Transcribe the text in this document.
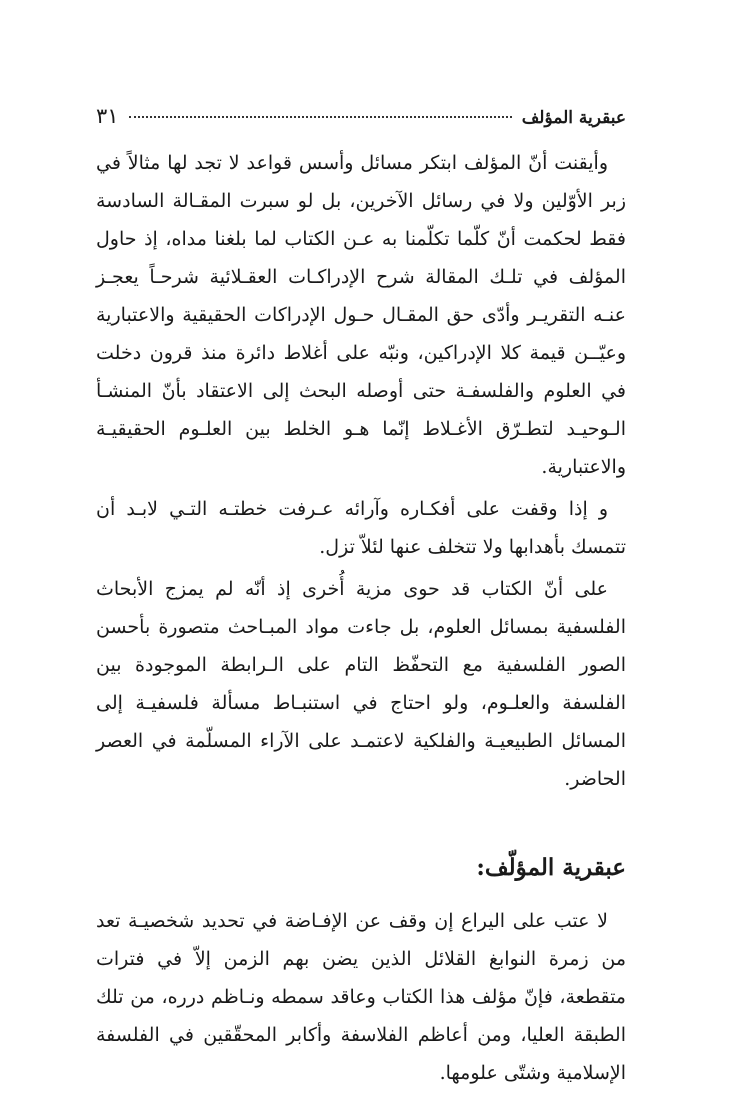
عبقرية المؤلف
٣١

وأيقنت أنّ المؤلف ابتكر مسائل وأسس قواعد لا تجد لها مثالاً في زبر الأوّلين ولا في رسائل الآخرين، بل لو سبرت المقـالة السادسة فقط لحكمت أنّ كلّما تكلّمنا به عـن الكتاب لما بلغنا مداه، إذ حاول المؤلف في تلـك المقالة شرح الإدراكـات العقـلائية شرحـاً يعجـز عنـه التقريـر وأدّى حق المقـال حـول الإدراكات الحقيقية والاعتبارية وعيّــن قيمة كلا الإدراكين، ونبّه على أغلاط دائرة منذ قرون دخلت في العلوم والفلسفـة حتى أوصله البحث إلى الاعتقاد بأنّ المنشـأ الـوحيـد لتطـرّق الأغـلاط إنّما هـو الخلط بين العلـوم الحقيقيـة والاعتبارية.

و إذا وقفت على أفكـاره وآرائه عـرفت خطتـه التـي لابـد أن تتمسك بأهدابها ولا تتخلف عنها لئلاّ تزل.

على أنّ الكتاب قد حوى مزية أُخرى إذ أنّه لم يمزج الأبحاث الفلسفية بمسائل العلوم، بل جاءت مواد المبـاحث متصورة بأحسن الصور الفلسفية مع التحفّظ التام على الـرابطة الموجودة بين الفلسفة والعلـوم، ولو احتاج في استنبـاط مسألة فلسفيـة إلى المسائل الطبيعيـة والفلكية لاعتمـد على الآراء المسلّمة في العصر الحاضر.

عبقرية المؤلّف:

لا عتب على اليراع إن وقف عن الإفـاضة في تحديد شخصيـة تعد من زمرة النوابغ القلائل الذين يضن بهم الزمن إلاّ في فترات متقطعة، فإنّ مؤلف هذا الكتاب وعاقد سمطه ونـاظم درره، من تلك الطبقة العليا، ومن أعاظم الفلاسفة وأكابر المحقّقين في الفلسفة الإسلامية وشتّى علومها.
